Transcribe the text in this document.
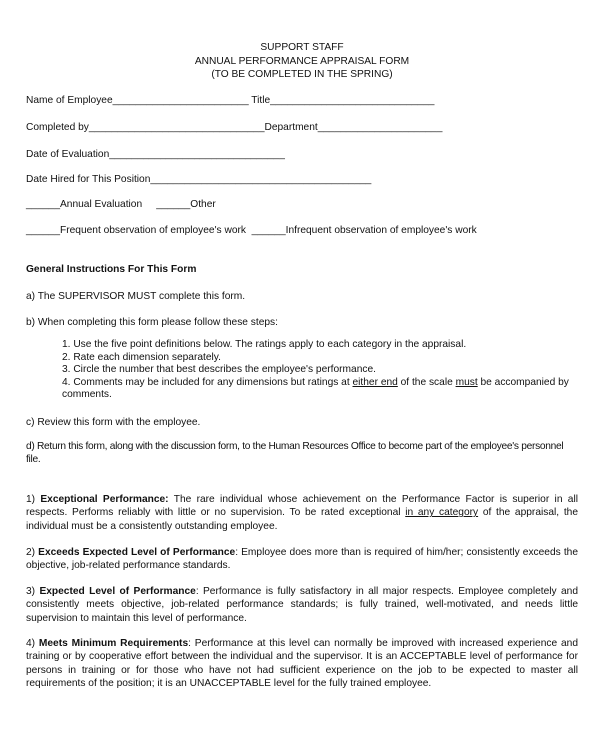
SUPPORT STAFF
ANNUAL PERFORMANCE APPRAISAL FORM
(TO BE COMPLETED IN THE SPRING)
Name of Employee________________________ Title_____________________________
Completed by_______________________________Department______________________
Date of Evaluation_______________________________
Date Hired for This Position_______________________________________
______Annual Evaluation     ______Other
______Frequent observation of employee's work  ______Infrequent observation of employee's work
General Instructions For This Form
a) The SUPERVISOR MUST complete this form.
b) When completing this form please follow these steps:
1. Use the five point definitions below. The ratings apply to each category in the appraisal.
2. Rate each dimension separately.
3. Circle the number that best describes the employee's performance.
4. Comments may be included for any dimensions but ratings at either end of the scale must be accompanied by
comments.
c) Review this form with the employee.
d) Return this form, along with the discussion form, to the Human Resources Office to become part of the employee's personnel file.
1) Exceptional Performance: The rare individual whose achievement on the Performance Factor is superior in all respects. Performs reliably with little or no supervision. To be rated exceptional in any category of the appraisal, the individual must be a consistently outstanding employee.
2) Exceeds Expected Level of Performance: Employee does more than is required of him/her; consistently exceeds the objective, job-related performance standards.
3) Expected Level of Performance: Performance is fully satisfactory in all major respects. Employee completely and consistently meets objective, job-related performance standards; is fully trained, well-motivated, and needs little supervision to maintain this level of performance.
4) Meets Minimum Requirements: Performance at this level can normally be improved with increased experience and training or by cooperative effort between the individual and the supervisor. It is an ACCEPTABLE level of performance for persons in training or for those who have not had sufficient experience on the job to be expected to master all requirements of the position; it is an UNACCEPTABLE level for the fully trained employee.
